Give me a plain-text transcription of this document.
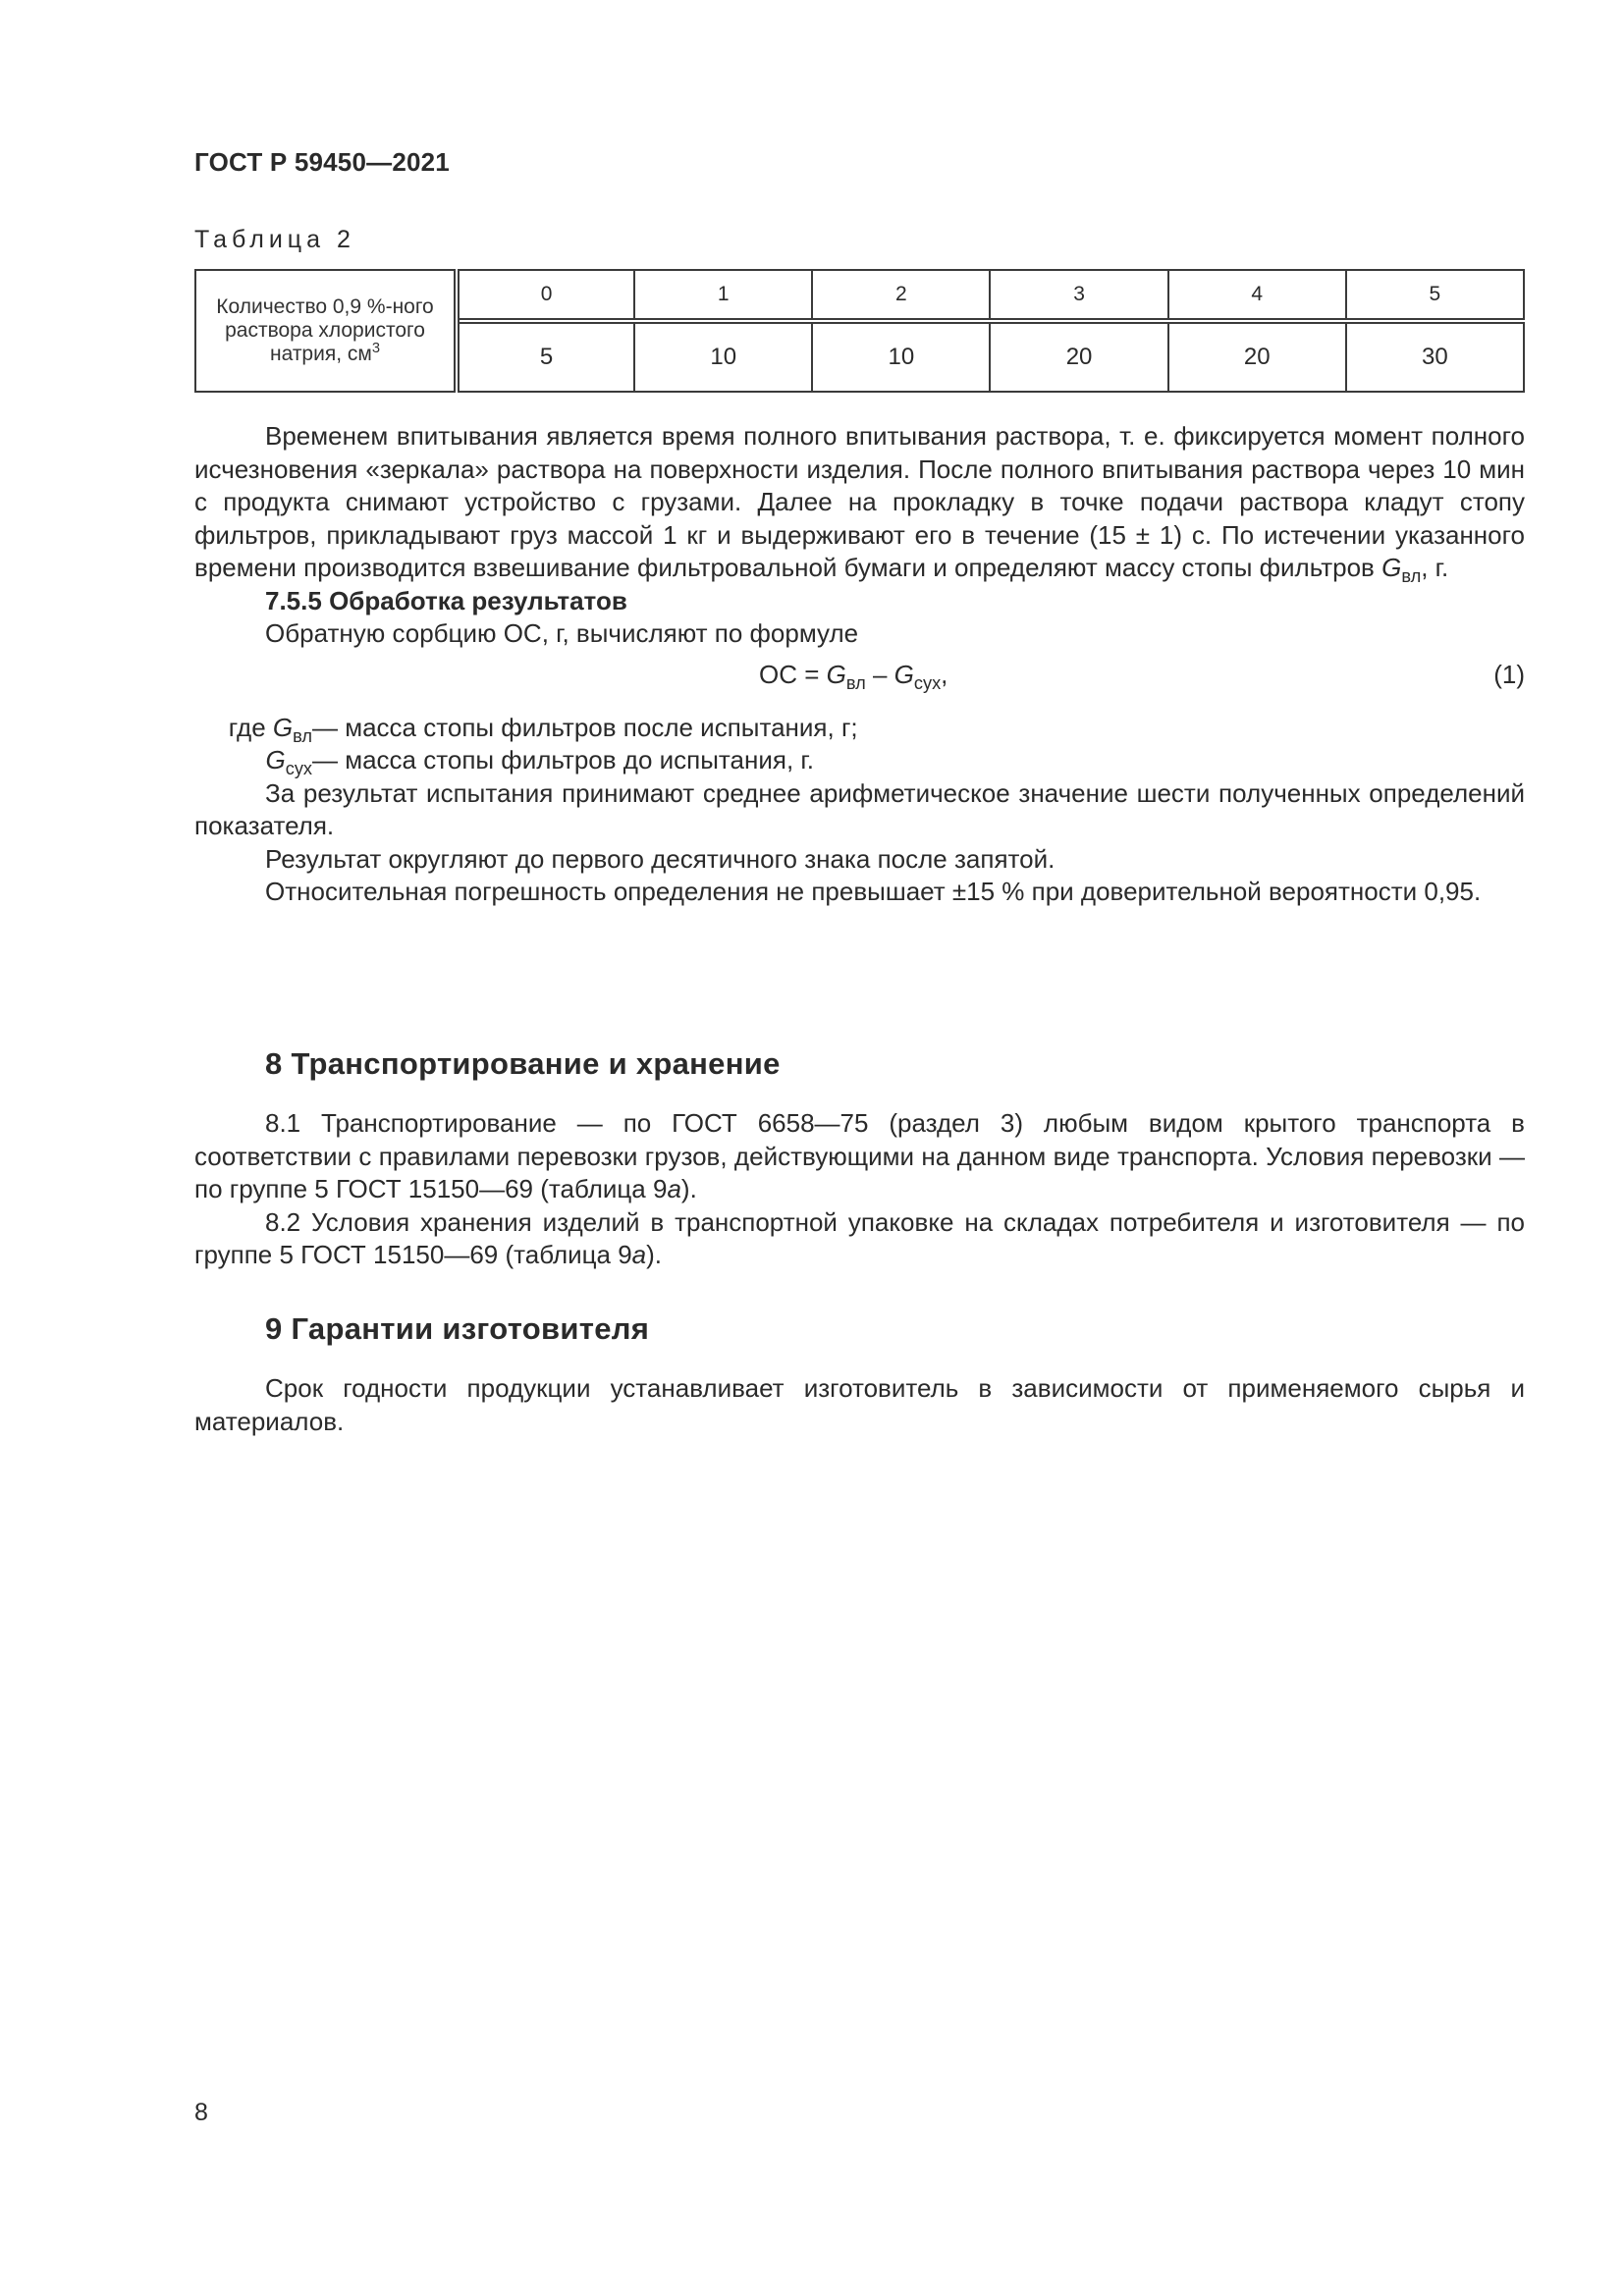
ГОСТ Р 59450—2021
Таблица 2
Количество 0,9 %-ного
раствора хлористого
натрия, $см^3$	0	1	2	3	4	5
	5	10	10	20	20	30

Временем впитывания является время полного впитывания раствора, т. е. фиксируется момент полного исчезновения «зеркала» раствора на поверхности изделия. После полного впитывания раствора через 10 мин с продукта снимают устройство с грузами. Далее на прокладку в точке подачи раствора кладут стопу фильтров, прикладывают груз массой 1 кг и выдерживают его в течение (15 ± 1) с. По истечении указанного времени производится взвешивание фильтровальной бумаги и определяют массу стопы фильтров $G_{вл}$, г.

7.5.5 Обработка результатов

Обратную сорбцию ОС, г, вычисляют по формуле

ОС = $G_{вл} - G_{сух}$,	(1)
где $G_{вл}$ — масса стопы фильтров после испытания, г;
$G_{сух}$ — масса стопы фильтров до испытания, г.

За результат испытания принимают среднее арифметическое значение шести полученных определений показателя.

Результат округляют до первого десятичного знака после запятой.

Относительная погрешность определения не превышает ±15 % при доверительной вероятности 0,95.

8 Транспортирование и хранение

8.1 Транспортирование — по ГОСТ 6658—75 (раздел 3) любым видом крытого транспорта в соответствии с правилами перевозки грузов, действующими на данном виде транспорта. Условия перевозки — по группе 5 ГОСТ 15150—69 (таблица 9а).

8.2 Условия хранения изделий в транспортной упаковке на складах потребителя и изготовителя — по группе 5 ГОСТ 15150—69 (таблица 9а).

9 Гарантии изготовителя

Срок годности продукции устанавливает изготовитель в зависимости от применяемого сырья и материалов.

8
